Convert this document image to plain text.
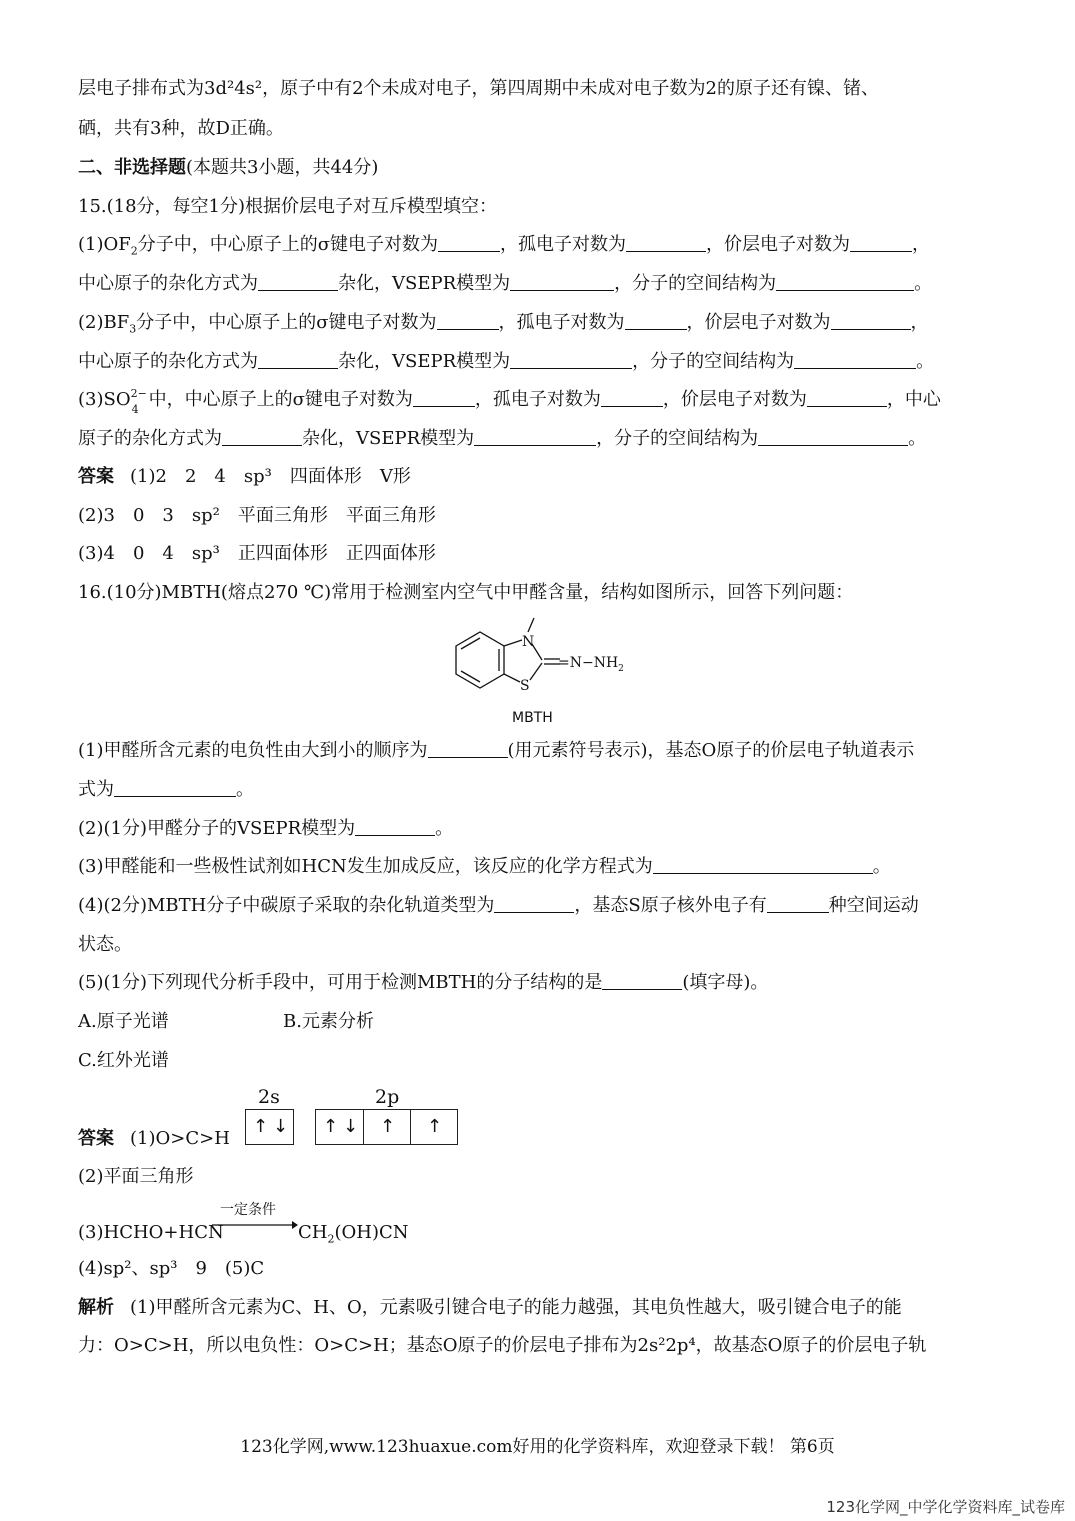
层电子排布式为3d²4s²，原子中有2个未成对电子，第四周期中未成对电子数为2的原子还有镍、锗、
硒，共有3种，故D正确。
二、非选择题(本题共3小题，共44分)
15.(18分，每空1分)根据价层电子对互斥模型填空：
$(1)OF_2$分子中，中心原子上的σ键电子对数为	，孤电子对数为	，价层电子对数为	，
中心原子的杂化方式为	杂化，VSEPR模型为	，分子的空间结构为	。
$(2)BF_3$分子中，中心原子上的σ键电子对数为	，孤电子对数为	，价层电子对数为	，
中心原子的杂化方式为	杂化，VSEPR模型为	，分子的空间结构为	。
(3)SO 2−
4 中，中心原子上的σ键电子对数为	，孤电子对数为	，价层电子对数为	，中心
原子的杂化方式为	杂化，VSEPR模型为	，分子的空间结构为	。
答案 (1)2　2　4　sp³　四面体形　V形
(2)3　0　3　sp²　平面三角形　平面三角形
(3)4　0　4　sp³　正四面体形　正四面体形
16.(10分)MBTH(熔点270 ℃)常用于检测室内空气中甲醛含量，结构如图所示，回答下列问题：
N
S
$=N-NH_2$
MBTH
(1)甲醛所含元素的电负性由大到小的顺序为	(用元素符号表示)，基态O原子的价层电子轨道表示
式为	。
(2)(1分)甲醛分子的VSEPR模型为	。
(3)甲醛能和一些极性试剂如HCN发生加成反应，该反应的化学方程式为	。
(4)(2分)MBTH分子中碳原子采取的杂化轨道类型为	，基态S原子核外电子有	种空间运动
状态。
(5)(1分)下列现代分析手段中，可用于检测MBTH的分子结构的是	(填字母)。
A.原子光谱	B.元素分析
C.红外光谱
2s	2p
↑ ↓ ↑ ↓ ↑ ↑
答案 (1)O>C>H
(2)平面三角形
一定条件
(3)HCHO+HCN	$CH_2(OH)CN$
(4)sp²、sp³　9　(5)C
解析 (1)甲醛所含元素为C、H、O，元素吸引键合电子的能力越强，其电负性越大，吸引键合电子的能
力：O>C>H，所以电负性：O>C>H；基态O原子的价层电子排布为2s²2p⁴，故基态O原子的价层电子轨
123化学网,www.123huaxue.com好用的化学资料库，欢迎登录下载！ 第6页
123化学网_中学化学资料库_试卷库
